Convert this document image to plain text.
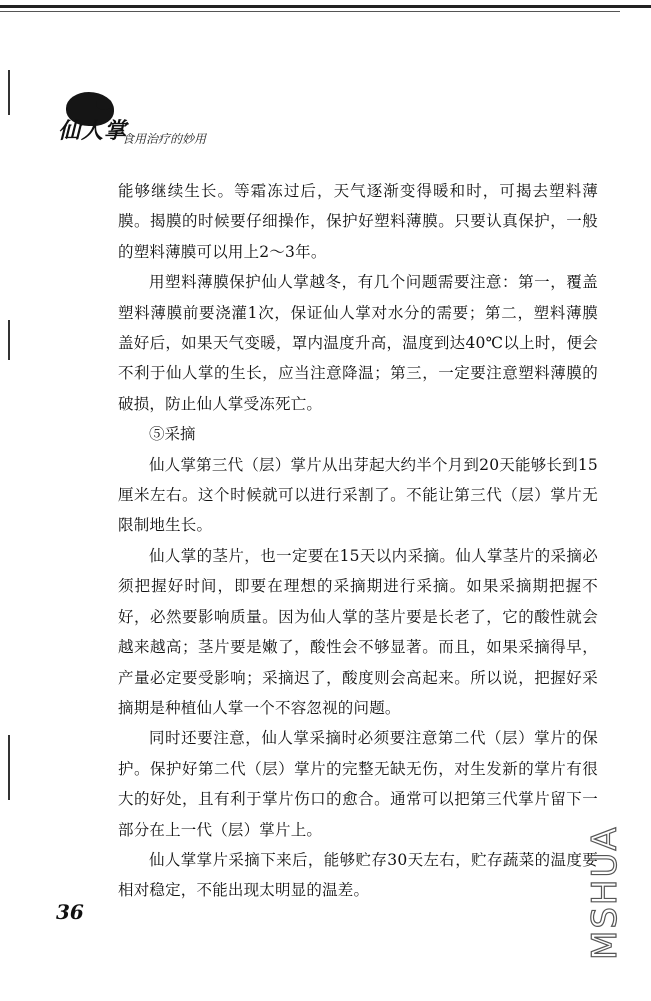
仙人掌
食用治疗的妙用

能够继续生长。等霜冻过后，天气逐渐变得暖和时，可揭去塑料薄膜。揭膜的时候要仔细操作，保护好塑料薄膜。只要认真保护，一般的塑料薄膜可以用上2～3年。

用塑料薄膜保护仙人掌越冬，有几个问题需要注意：第一，覆盖塑料薄膜前要浇灌1次，保证仙人掌对水分的需要；第二，塑料薄膜盖好后，如果天气变暖，罩内温度升高，温度到达40℃以上时，便会不利于仙人掌的生长，应当注意降温；第三，一定要注意塑料薄膜的破损，防止仙人掌受冻死亡。

⑤采摘

仙人掌第三代（层）掌片从出芽起大约半个月到20天能够长到15厘米左右。这个时候就可以进行采割了。不能让第三代（层）掌片无限制地生长。

仙人掌的茎片，也一定要在15天以内采摘。仙人掌茎片的采摘必须把握好时间，即要在理想的采摘期进行采摘。如果采摘期把握不好，必然要影响质量。因为仙人掌的茎片要是长老了，它的酸性就会越来越高；茎片要是嫩了，酸性会不够显著。而且，如果采摘得早，产量必定要受影响；采摘迟了，酸度则会高起来。所以说，把握好采摘期是种植仙人掌一个不容忽视的问题。

同时还要注意，仙人掌采摘时必须要注意第二代（层）掌片的保护。保护好第二代（层）掌片的完整无缺无伤，对生发新的掌片有很大的好处，且有利于掌片伤口的愈合。通常可以把第三代掌片留下一部分在上一代（层）掌片上。

仙人掌掌片采摘下来后，能够贮存30天左右，贮存蔬菜的温度要相对稳定，不能出现太明显的温差。

36	MSHUA
